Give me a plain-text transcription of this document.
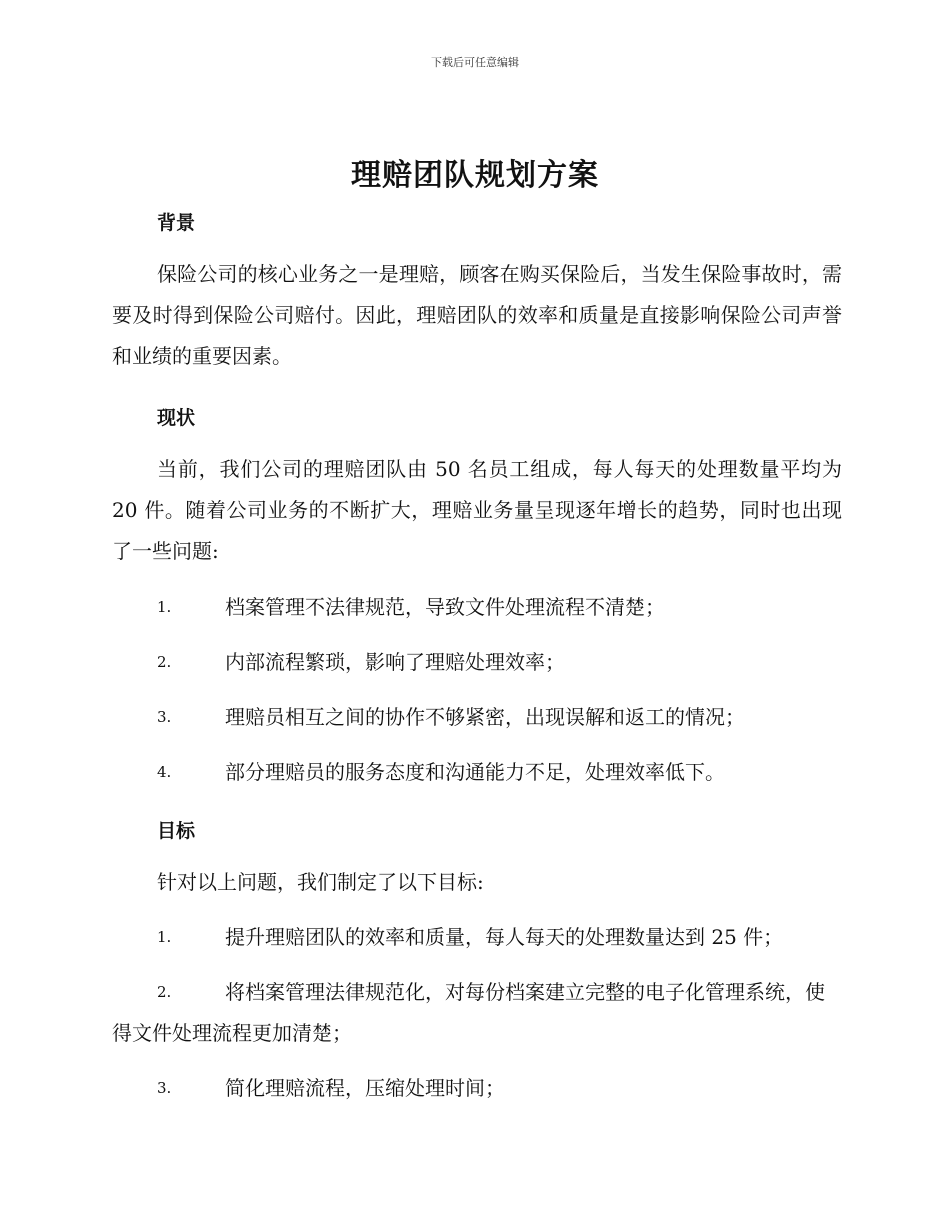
下载后可任意编辑
理赔团队规划方案
背景
保险公司的核心业务之一是理赔，顾客在购买保险后，当发生保险事故时，需要及时得到保险公司赔付。因此，理赔团队的效率和质量是直接影响保险公司声誉和业绩的重要因素。
现状
当前，我们公司的理赔团队由 50 名员工组成，每人每天的处理数量平均为 20 件。随着公司业务的不断扩大，理赔业务量呈现逐年增长的趋势，同时也出现了一些问题:
1.	档案管理不法律规范，导致文件处理流程不清楚；
2.	内部流程繁琐，影响了理赔处理效率；
3.	理赔员相互之间的协作不够紧密，出现误解和返工的情况；
4.	部分理赔员的服务态度和沟通能力不足，处理效率低下。
目标
针对以上问题，我们制定了以下目标:
1.	提升理赔团队的效率和质量，每人每天的处理数量达到 25 件；
2.	将档案管理法律规范化，对每份档案建立完整的电子化管理系统，使得文件处理流程更加清楚；
3.	简化理赔流程，压缩处理时间；
